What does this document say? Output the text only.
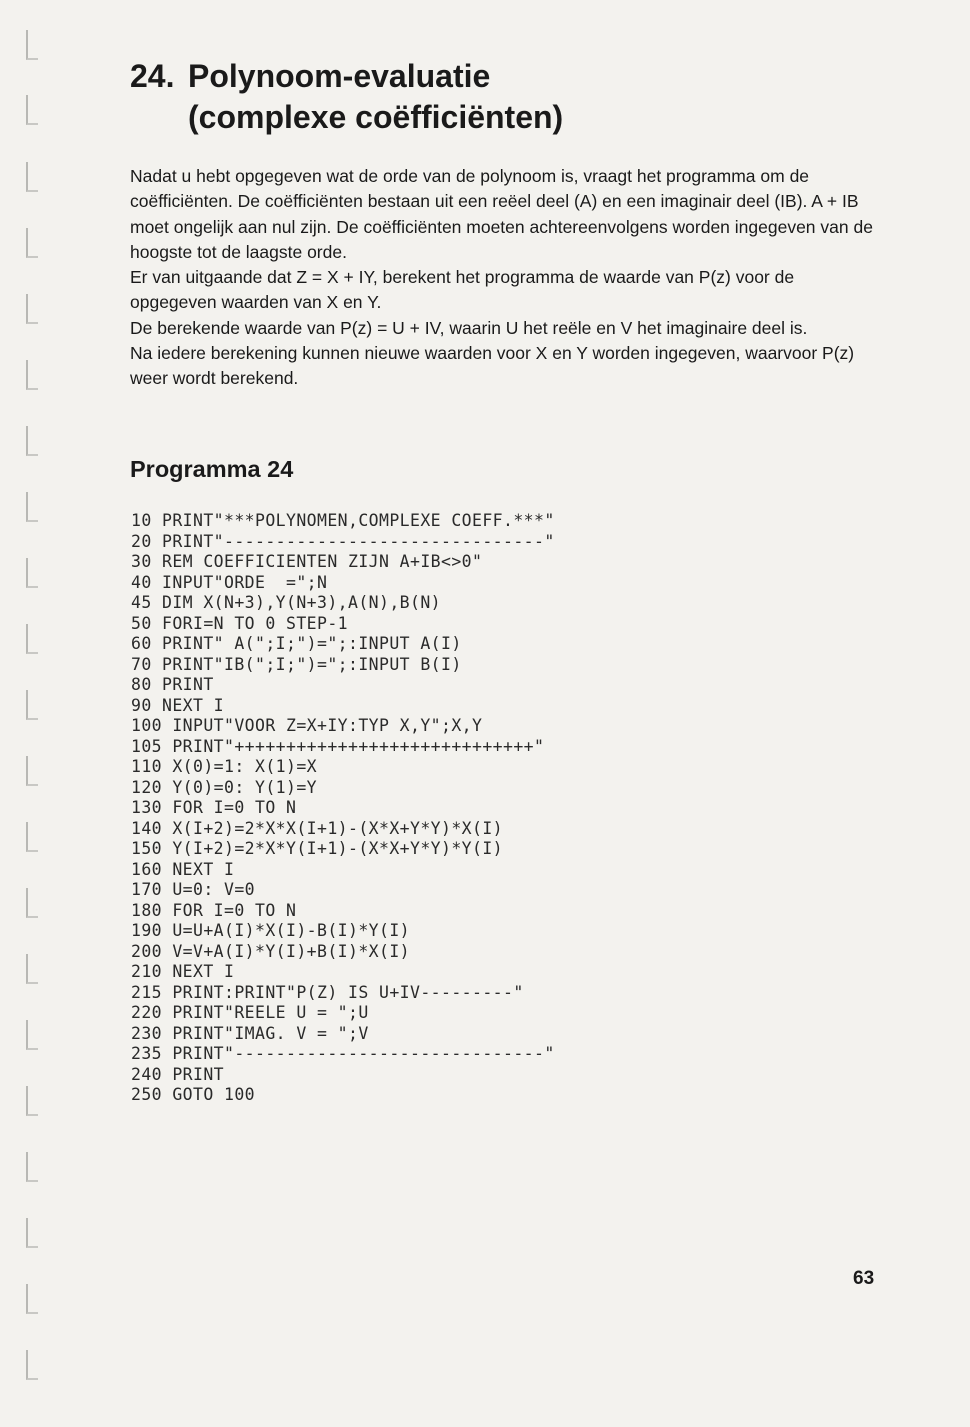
24. Polynoom-evaluatie
(complexe coëfficiënten)

Nadat u hebt opgegeven wat de orde van de polynoom is, vraagt het programma om de coëfficiënten. De coëfficiënten bestaan uit een reëel deel (A) en een imaginair deel (IB). A + IB moet ongelijk aan nul zijn. De coëfficiënten moeten achtereenvolgens worden ingegeven van de hoogste tot de laagste orde.

Er van uitgaande dat Z = X + IY, berekent het programma de waarde van P(z) voor de opgegeven waarden van X en Y.

De berekende waarde van P(z) = U + IV, waarin U het reële en V het imaginaire deel is.

Na iedere berekening kunnen nieuwe waarden voor X en Y worden ingegeven, waarvoor P(z) weer wordt berekend.

Programma 24
10 PRINT"***POLYNOMEN,COMPLEXE COEFF.***"
20 PRINT"-------------------------------"
30 REM COEFFICIENTEN ZIJN A+IB<>0"
40 INPUT"ORDE  =";N
45 DIM X(N+3),Y(N+3),A(N),B(N)
50 FORI=N TO 0 STEP-1
60 PRINT" A(";I;")=";:INPUT A(I)
70 PRINT"IB(";I;")=";:INPUT B(I)
80 PRINT
90 NEXT I
100 INPUT"VOOR Z=X+IY:TYP X,Y";X,Y
105 PRINT"+++++++++++++++++++++++++++++"
110 X(0)=1: X(1)=X
120 Y(0)=0: Y(1)=Y
130 FOR I=0 TO N
140 X(I+2)=2*X*X(I+1)-(X*X+Y*Y)*X(I)
150 Y(I+2)=2*X*Y(I+1)-(X*X+Y*Y)*Y(I)
160 NEXT I
170 U=0: V=0
180 FOR I=0 TO N
190 U=U+A(I)*X(I)-B(I)*Y(I)
200 V=V+A(I)*Y(I)+B(I)*X(I)
210 NEXT I
215 PRINT:PRINT"P(Z) IS U+IV---------"
220 PRINT"REELE U = ";U
230 PRINT"IMAG. V = ";V
235 PRINT"------------------------------"
240 PRINT
250 GOTO 100
63
